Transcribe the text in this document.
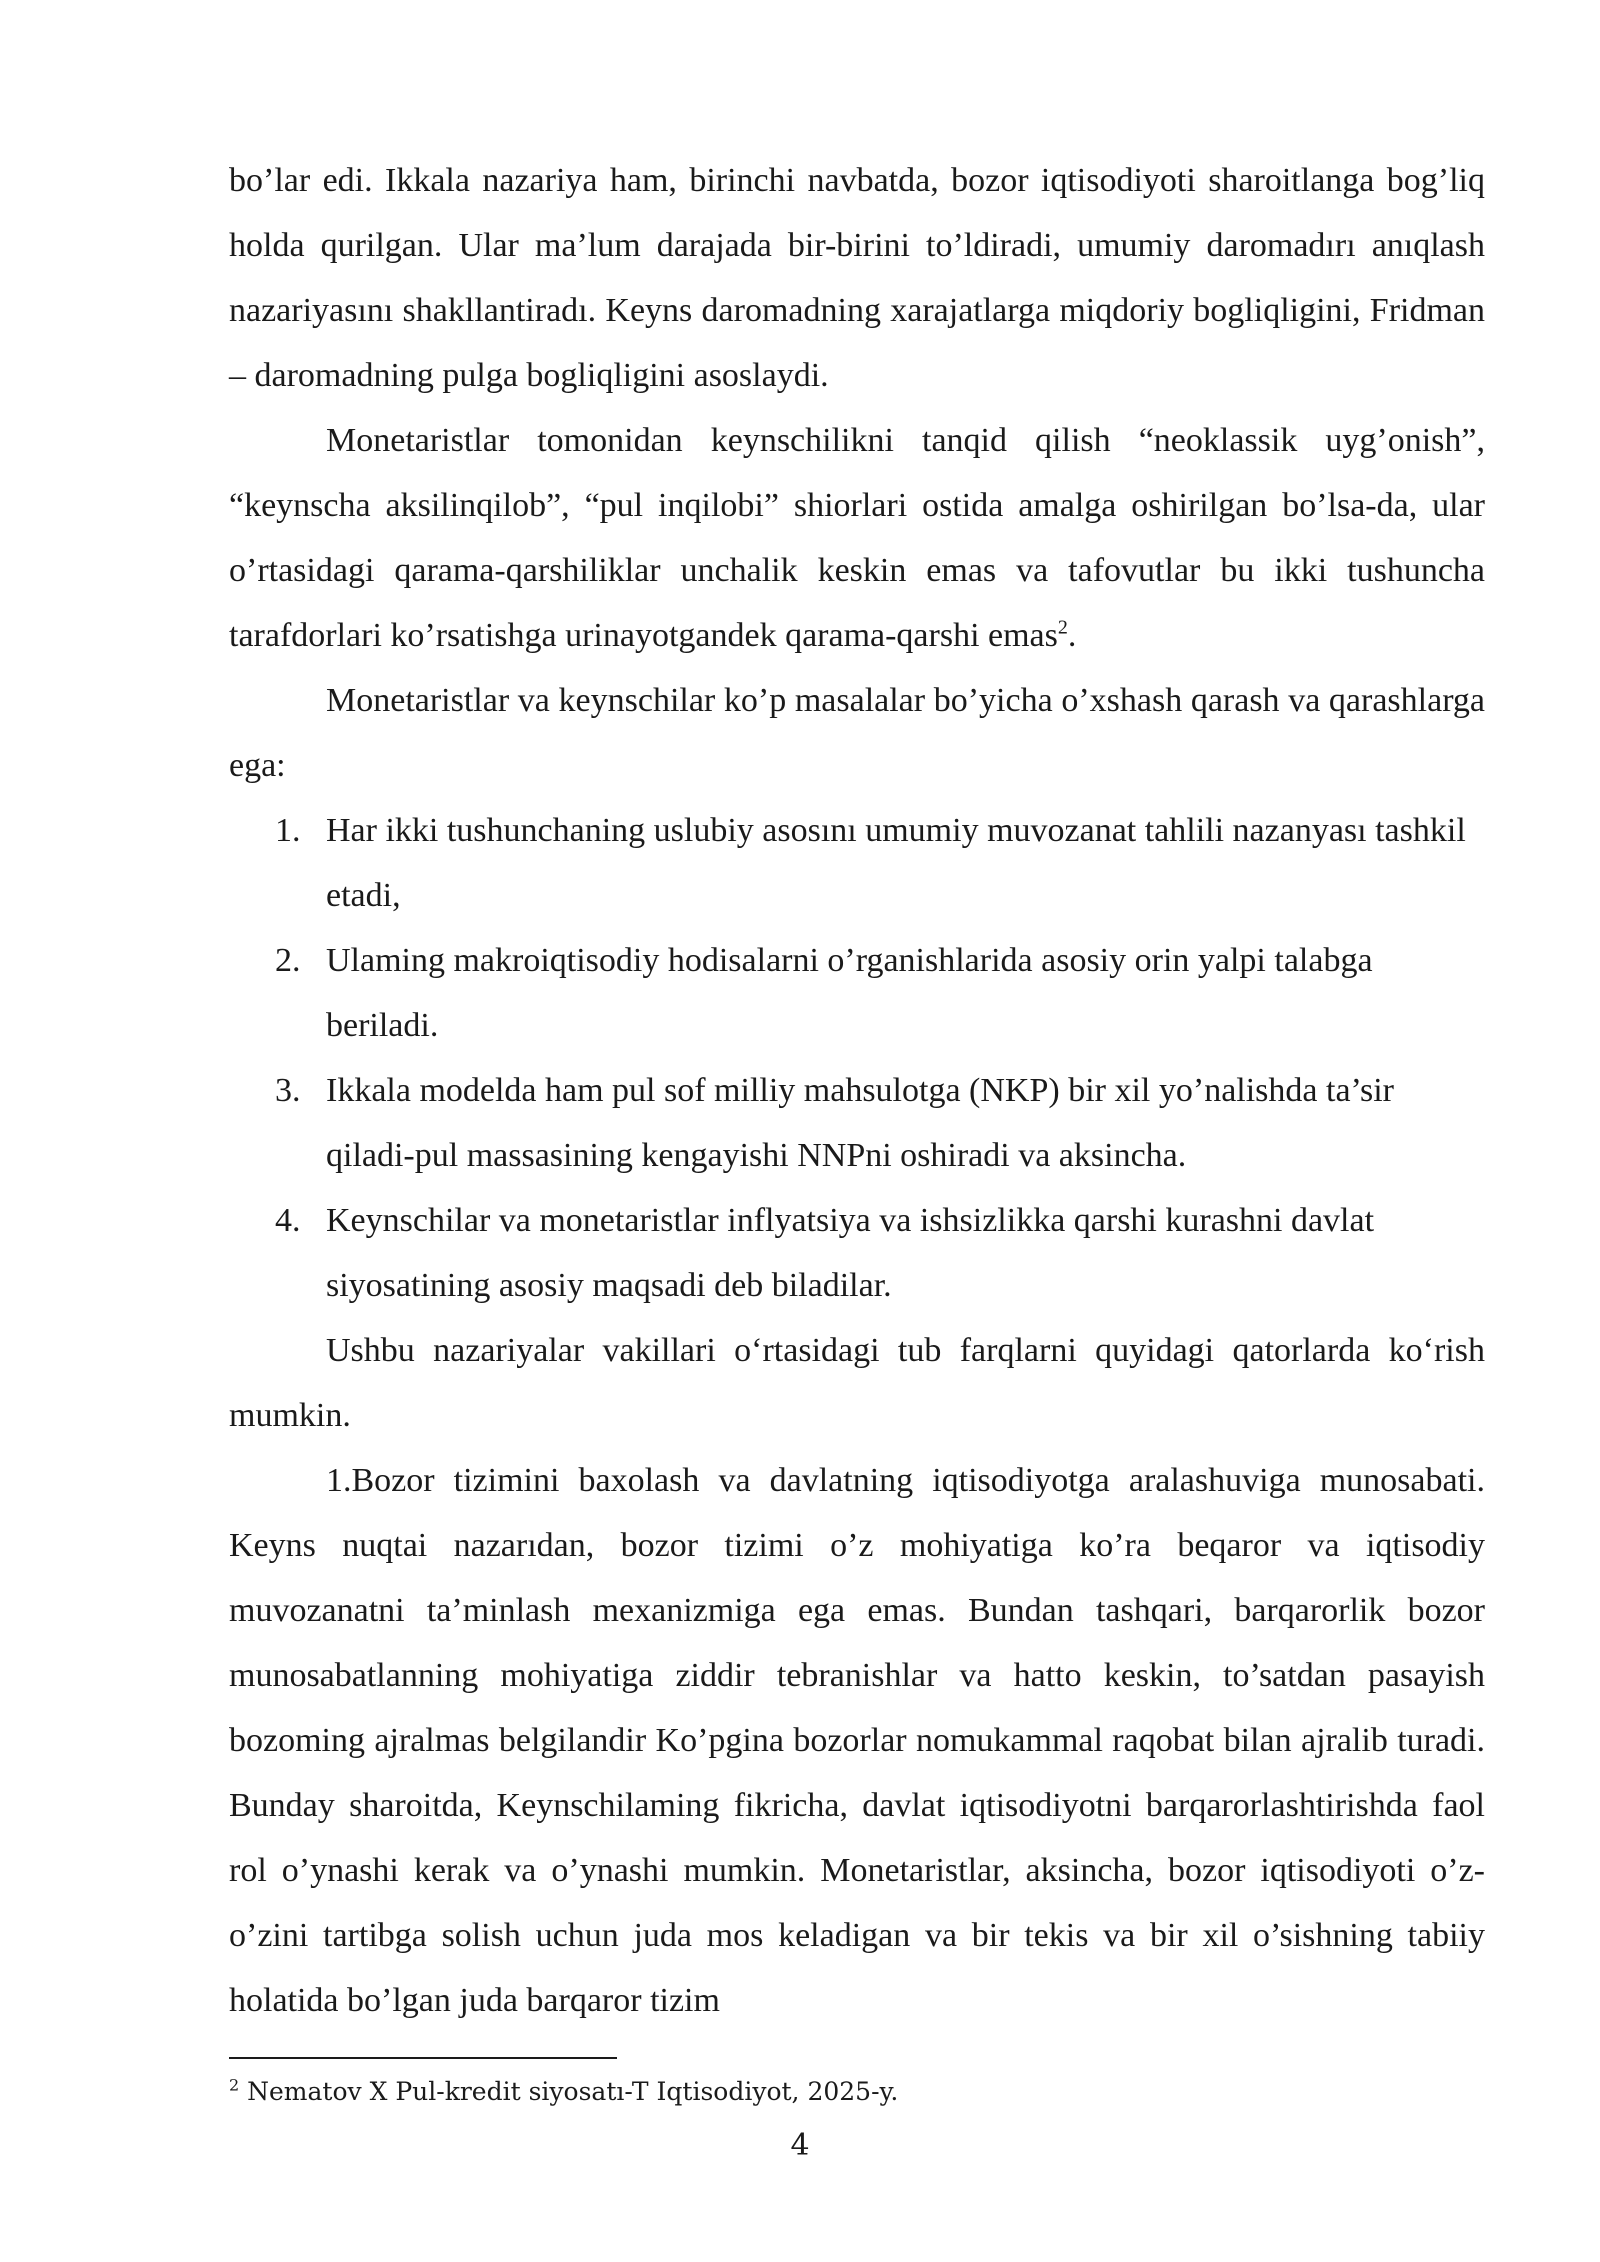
bo’lar edi. Ikkala nazariya ham, birinchi navbatda, bozor iqtisodiyoti sharoitlanga bog’liq holda qurilgan. Ular ma’lum darajada bir-birini to’ldiradi, umumiy daromadırı anıqlash nazariyasını shakllantiradı. Keyns daromadning xarajatlarga miqdoriy bogliqligini, Fridman – daromadning pulga bogliqligini asoslaydi.

Monetaristlar tomonidan keynschilikni tanqid qilish “neoklassik uyg’onish”, “keynscha aksilinqilob”, “pul inqilobi” shiorlari ostida amalga oshirilgan bo’lsa-da, ular o’rtasidagi qarama-qarshiliklar unchalik keskin emas va tafovutlar bu ikki tushuncha tarafdorlari ko’rsatishga urinayotgandek qarama-qarshi emas$^2$.

Monetaristlar va keynschilar ko’p masalalar bo’yicha o’xshash qarash va qarashlarga ega:

1. Har ikki tushunchaning uslubiy asosını umumiy muvozanat tahlili nazanyası tashkil etadi,
2. Ulaming makroiqtisodiy hodisalarni o’rganishlarida asosiy orin yalpi talabga beriladi.
3. Ikkala modelda ham pul sof milliy mahsulotga (NKP) bir xil yo’nalishda ta’sir qiladi-pul massasining kengayishi NNPni oshiradi va aksincha.
4. Keynschilar va monetaristlar inflyatsiya va ishsizlikka qarshi kurashni davlat siyosatining asosiy maqsadi deb biladilar.

Ushbu nazariyalar vakillari o‘rtasidagi tub farqlarni quyidagi qatorlarda ko‘rish mumkin.

1.Bozor tizimini baxolash va davlatning iqtisodiyotga aralashuviga munosabati. Keyns nuqtai nazarıdan, bozor tizimi o’z mohiyatiga ko’ra beqaror va iqtisodiy muvozanatni ta’minlash mexanizmiga ega emas. Bundan tashqari, barqarorlik bozor munosabatlanning mohiyatiga ziddir tebranishlar va hatto keskin, to’satdan pasayish bozoming ajralmas belgilandir Ko’pgina bozorlar nomukammal raqobat bilan ajralib turadi. Bunday sharoitda, Keynschilaming fikricha, davlat iqtisodiyotni barqarorlashtirishda faol rol o’ynashi kerak va o’ynashi mumkin. Monetaristlar, aksincha, bozor iqtisodiyoti o’z-o’zini tartibga solish uchun juda mos keladigan va bir tekis va bir xil o’sishning tabiiy holatida bo’lgan juda barqaror tizim

$^2$ Nematov X Pul-kredit siyosatı-T Iqtisodiyot, 2025-y.
4
